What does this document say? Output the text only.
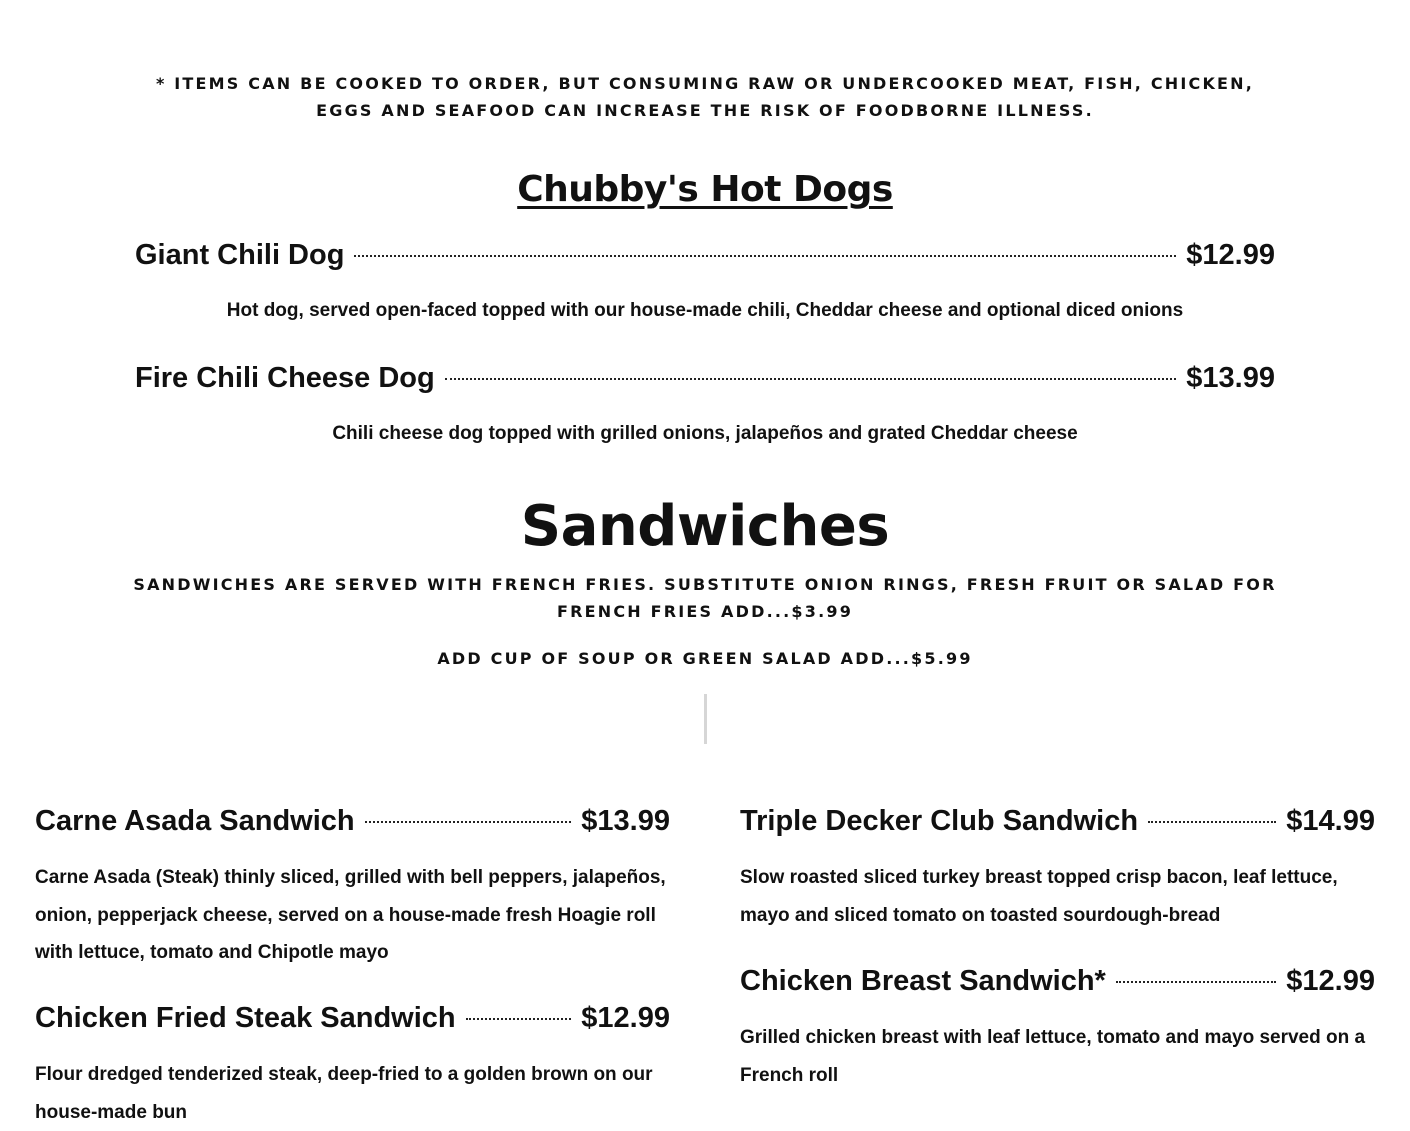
* ITEMS CAN BE COOKED TO ORDER, BUT CONSUMING RAW OR UNDERCOOKED MEAT, FISH, CHICKEN, EGGS AND SEAFOOD CAN INCREASE THE RISK OF FOODBORNE ILLNESS.

Chubby's Hot Dogs
Giant Chili Dog	$12.99

Hot dog, served open-faced topped with our house-made chili, Cheddar cheese and optional diced onions

Fire Chili Cheese Dog	$13.99

Chili cheese dog topped with grilled onions, jalapeños and grated Cheddar cheese

Sandwiches

SANDWICHES ARE SERVED WITH FRENCH FRIES. SUBSTITUTE ONION RINGS, FRESH FRUIT OR SALAD FOR FRENCH FRIES ADD...$3.99

ADD CUP OF SOUP OR GREEN SALAD ADD...$5.99

Carne Asada Sandwich	$13.99

Carne Asada (Steak) thinly sliced, grilled with bell peppers, jalapeños, onion, pepperjack cheese, served on a house-made fresh Hoagie roll with lettuce, tomato and Chipotle mayo

Chicken Fried Steak Sandwich	$12.99

Flour dredged tenderized steak, deep-fried to a golden brown on our house-made bun

Triple Decker Club Sandwich	$14.99

Slow roasted sliced turkey breast topped crisp bacon, leaf lettuce, mayo and sliced tomato on toasted sourdough-bread

Chicken Breast Sandwich*	$12.99

Grilled chicken breast with leaf lettuce, tomato and mayo served on a French roll
